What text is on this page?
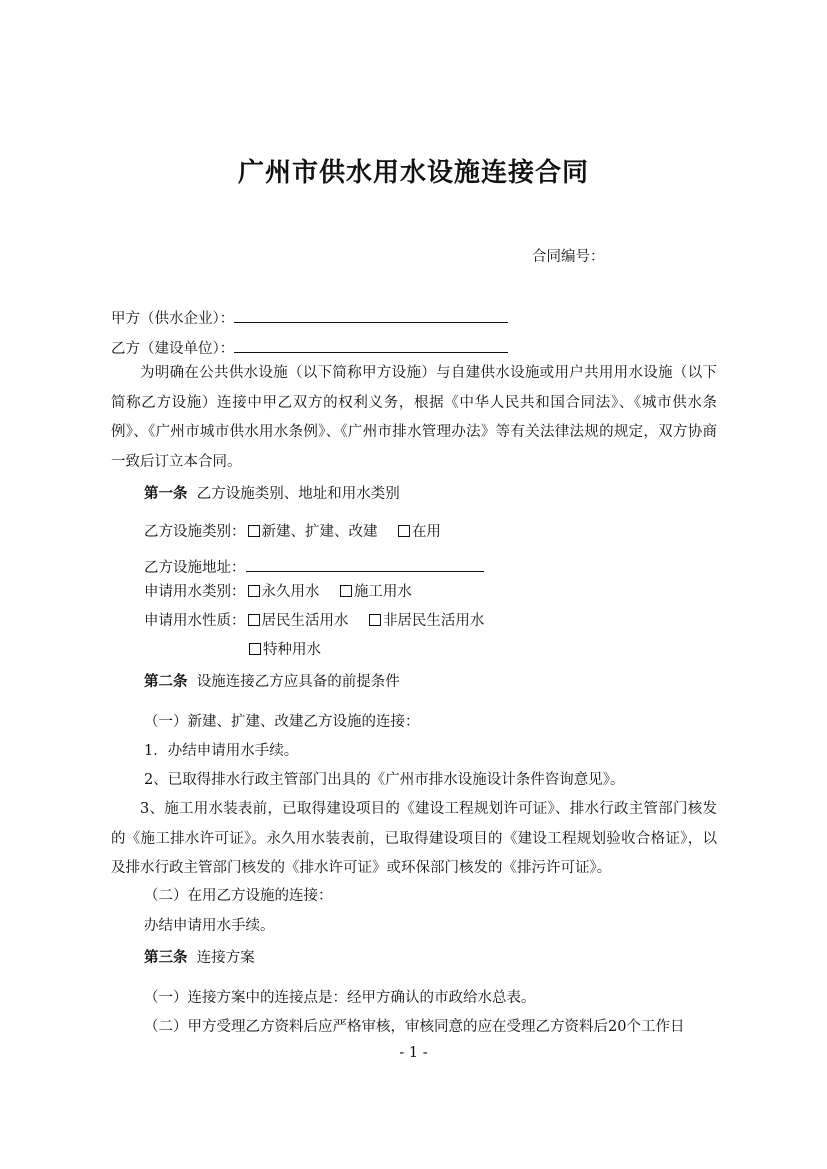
广州市供水用水设施连接合同
合同编号：
甲方（供水企业）：
乙方（建设单位）：
为明确在公共供水设施（以下简称甲方设施）与自建供水设施或用户共用用水设施（以下简称乙方设施）连接中甲乙双方的权利义务，根据《中华人民共和国合同法》、《城市供水条例》、《广州市城市供水用水条例》、《广州市排水管理办法》等有关法律法规的规定，双方协商一致后订立本合同。
第一条 乙方设施类别、地址和用水类别
乙方设施类别： 新建、扩建、改建 在用
乙方设施地址：
申请用水类别： 永久用水 施工用水
申请用水性质： 居民生活用水 非居民生活用水
特种用水
第二条 设施连接乙方应具备的前提条件
（一）新建、扩建、改建乙方设施的连接：
1．办结申请用水手续。
2、已取得排水行政主管部门出具的《广州市排水设施设计条件咨询意见》。
3、施工用水装表前，已取得建设项目的《建设工程规划许可证》、排水行政主管部门核发的《施工排水许可证》。永久用水装表前，已取得建设项目的《建设工程规划验收合格证》，以及排水行政主管部门核发的《排水许可证》或环保部门核发的《排污许可证》。
（二）在用乙方设施的连接：
办结申请用水手续。
第三条 连接方案
（一）连接方案中的连接点是：经甲方确认的市政给水总表。
（二）甲方受理乙方资料后应严格审核，审核同意的应在受理乙方资料后20个工作日
- 1 -
